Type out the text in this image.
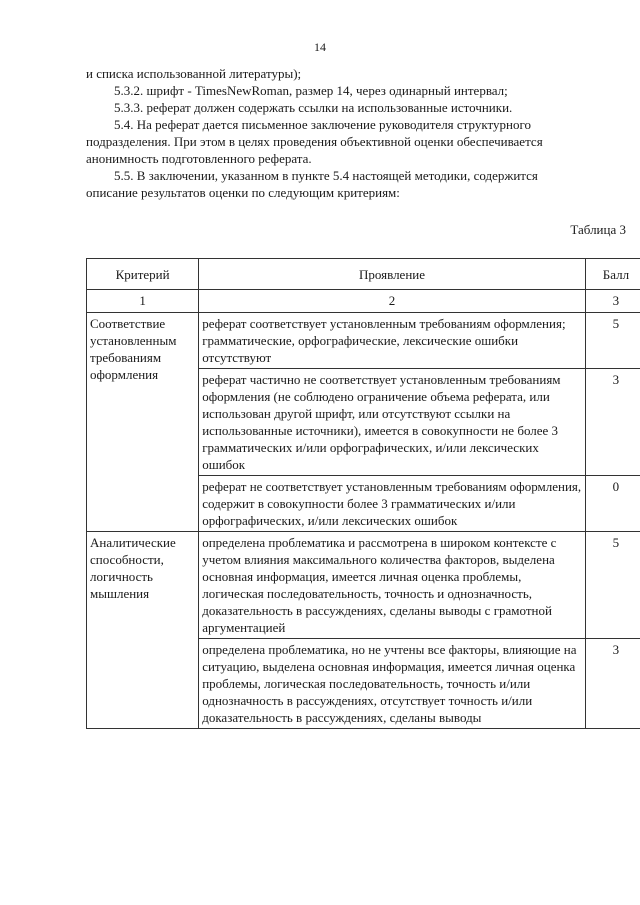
14
и списка использованной литературы);
5.3.2. шрифт - TimesNewRoman, размер 14, через одинарный интервал;
5.3.3. реферат должен содержать ссылки на использованные источники.
5.4. На реферат дается письменное заключение руководителя структурного
подразделения. При этом в целях проведения объективной оценки обеспечивается
анонимность подготовленного реферата.
5.5. В заключении, указанном в пункте 5.4 настоящей методики, содержится
описание результатов оценки по следующим критериям:
Таблица 3
Критерий	Проявление	Балл
1	2	3
Соответствие установленным требованиям оформления	реферат соответствует установленным требованиям оформления; грамматические, орфографические, лексические ошибки отсутствуют	5
	реферат частично не соответствует установленным требованиям оформления (не соблюдено ограничение объема реферата, или использован другой шрифт, или отсутствуют ссылки на использованные источники), имеется в совокупности не более 3 грамматических и/или орфографических, и/или лексических ошибок	3
	реферат не соответствует установленным требованиям оформления, содержит в совокупности более 3 грамматических и/или орфографических, и/или лексических ошибок	0
Аналитические способности, логичность мышления	определена проблематика и рассмотрена в широком контексте с учетом влияния максимального количества факторов, выделена основная информация, имеется личная оценка проблемы, логическая последовательность, точность и однозначность, доказательность в рассуждениях, сделаны выводы с грамотной аргументацией	5
	определена проблематика, но не учтены все факторы, влияющие на ситуацию, выделена основная информация, имеется личная оценка проблемы, логическая последовательность, точность и/или однозначность в рассуждениях, отсутствует точность и/или доказательность в рассуждениях, сделаны выводы	3
